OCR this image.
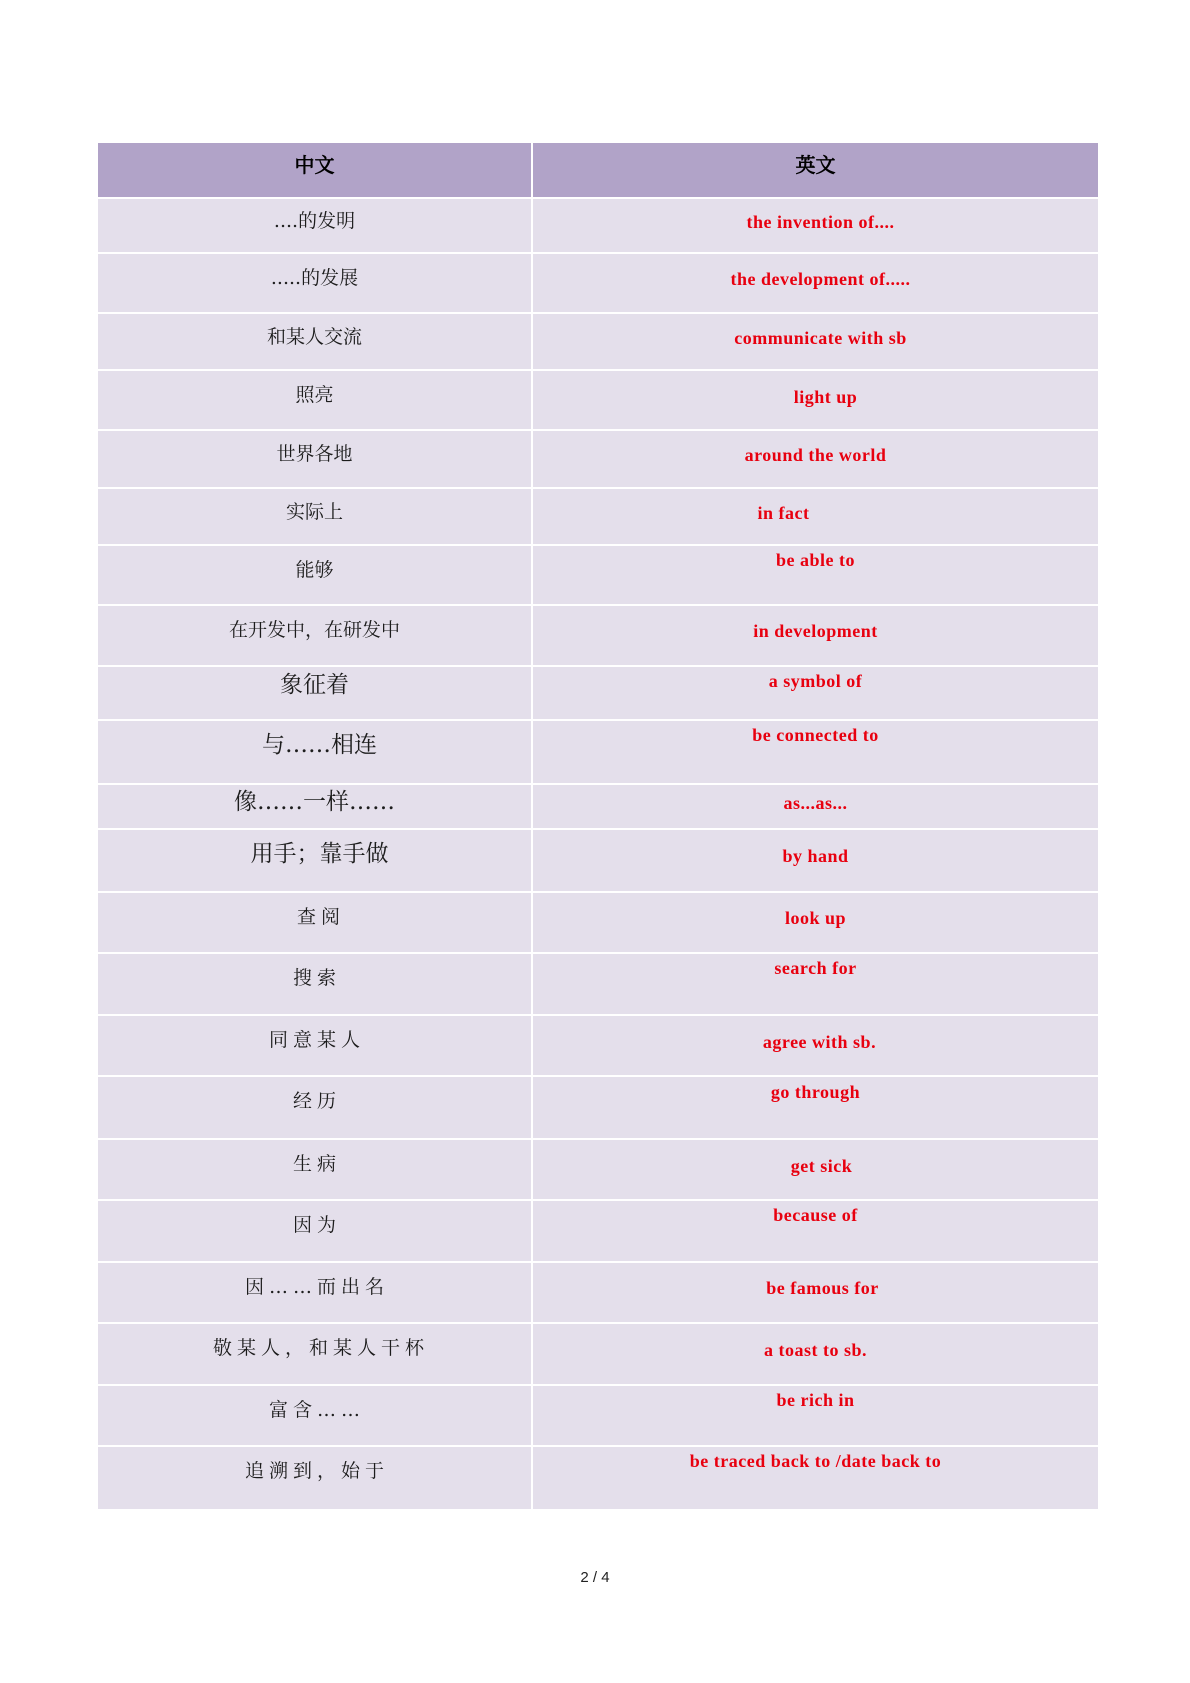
中文	英文
....的发明	the invention of....
.....的发展	the development of.....
和某人交流	communicate with sb
照亮	light up
世界各地	around the world
实际上	in fact
能够	be able to
在开发中，在研发中	in development
象征着	a symbol of
与……相连	be connected to
像……一样……	as...as...
用手；靠手做	by hand
查阅	look up
搜索	search for
同意某人	agree with sb.
经历	go through
生病	get sick
因为	because of
因……而出名	be famous for
敬某人，和某人干杯	a toast to sb.
富含……	be rich in
追溯到，始于	be traced back to /date back to
2 / 4
